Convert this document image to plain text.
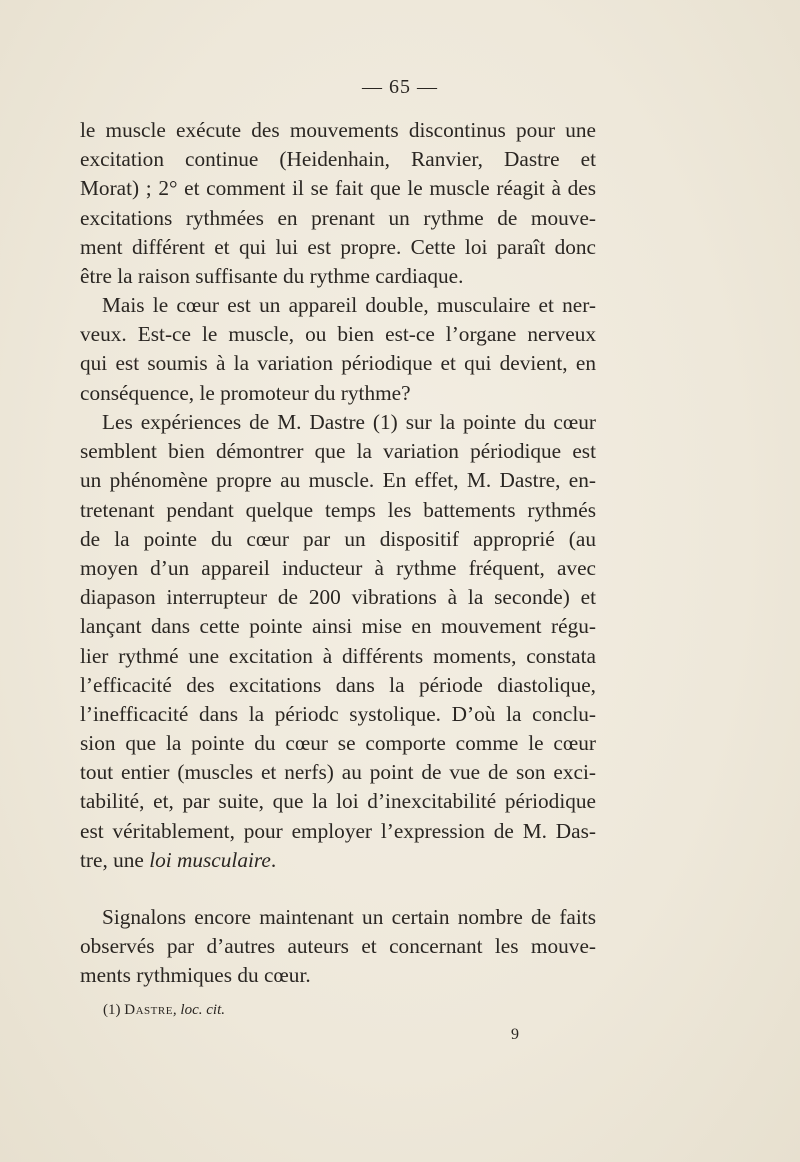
— 65 —
le muscle exécute des mouvements discontinus pour une
excitation continue (Heidenhain, Ranvier, Dastre et
Morat) ; 2° et comment il se fait que le muscle réagit à des
excitations rythmées en prenant un rythme de mouve-
ment différent et qui lui est propre. Cette loi paraît donc
être la raison suffisante du rythme cardiaque.
Mais le cœur est un appareil double, musculaire et ner-
veux. Est-ce le muscle, ou bien est-ce l’organe nerveux
qui est soumis à la variation périodique et qui devient, en
conséquence, le promoteur du rythme?
Les expériences de M. Dastre (1) sur la pointe du cœur
semblent bien démontrer que la variation périodique est
un phénomène propre au muscle. En effet, M. Dastre, en-
tretenant pendant quelque temps les battements rythmés
de la pointe du cœur par un dispositif approprié (au
moyen d’un appareil inducteur à rythme fréquent, avec
diapason interrupteur de 200 vibrations à la seconde) et
lançant dans cette pointe ainsi mise en mouvement régu-
lier rythmé une excitation à différents moments, constata
l’efficacité des excitations dans la période diastolique,
l’inefficacité dans la périodc systolique. D’où la conclu-
sion que la pointe du cœur se comporte comme le cœur
tout entier (muscles et nerfs) au point de vue de son exci-
tabilité, et, par suite, que la loi d’inexcitabilité périodique
est véritablement, pour employer l’expression de M. Das-
tre, une loi musculaire.
Signalons encore maintenant un certain nombre de faits
observés par d’autres auteurs et concernant les mouve-
ments rythmiques du cœur.
(1) Dastre, loc. cit.
9
